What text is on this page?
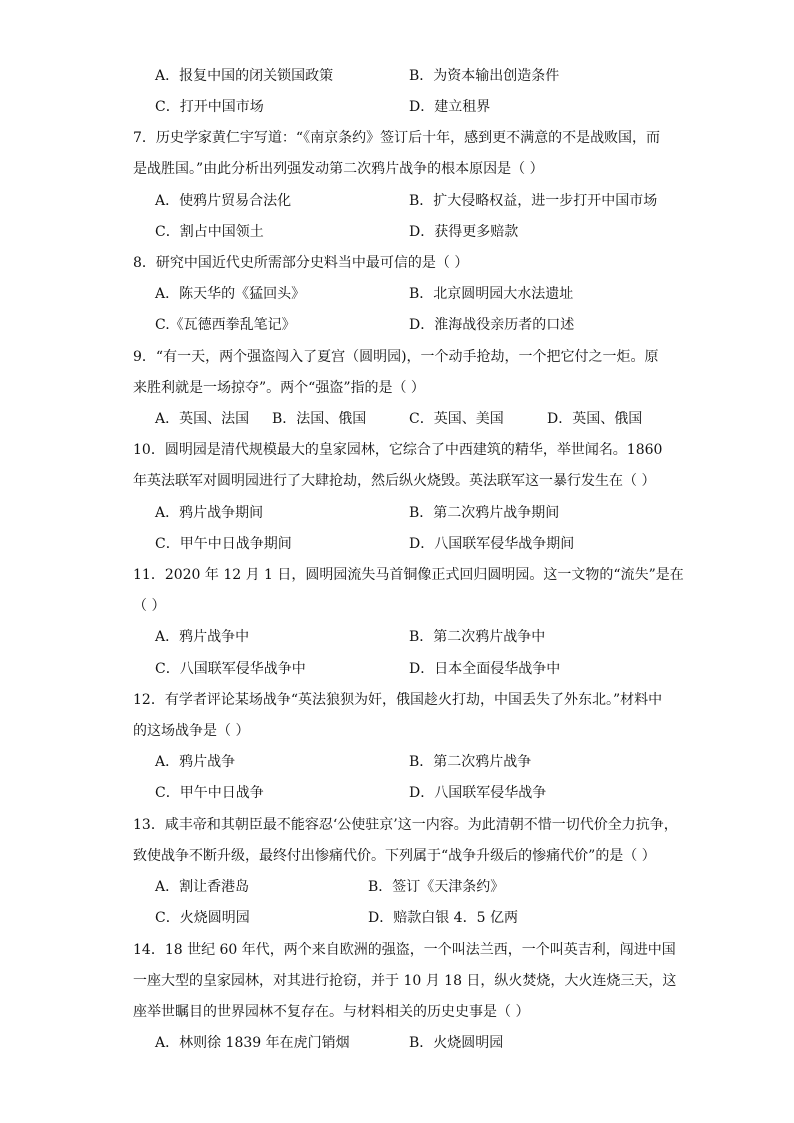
A．报复中国的闭关锁国政策	B．为资本输出创造条件
C．打开中国市场	D．建立租界
7．历史学家黄仁宇写道：“《南京条约》签订后十年，感到更不满意的不是战败国，而
是战胜国。”由此分析出列强发动第二次鸦片战争的根本原因是（ ）
A．使鸦片贸易合法化	B．扩大侵略权益，进一步打开中国市场
C．割占中国领土	D．获得更多赔款
8．研究中国近代史所需部分史料当中最可信的是（ ）
A．陈天华的《猛回头》	B．北京圆明园大水法遗址
C.《瓦德西拳乱笔记》	D．淮海战役亲历者的口述
9．“有一天，两个强盗闯入了夏宫（圆明园)，一个动手抢劫，一个把它付之一炬。原
来胜利就是一场掠夺”。两个“强盗”指的是（ ）
A．英国、法国 B．法国、俄国	C．英国、美国	D．英国、俄国
10．圆明园是清代规模最大的皇家园林，它综合了中西建筑的精华，举世闻名。1860
年英法联军对圆明园进行了大肆抢劫，然后纵火烧毁。英法联军这一暴行发生在（ ）
A．鸦片战争期间	B．第二次鸦片战争期间
C．甲午中日战争期间	D．八国联军侵华战争期间
11．2020 年 12 月 1 日，圆明园流失马首铜像正式回归圆明园。这一文物的“流失”是在
（ ）
A．鸦片战争中	B．第二次鸦片战争中
C．八国联军侵华战争中	D．日本全面侵华战争中
12．有学者评论某场战争“英法狼狈为奸，俄国趁火打劫，中国丢失了外东北。”材料中
的这场战争是（ ）
A．鸦片战争	B．第二次鸦片战争
C．甲午中日战争	D．八国联军侵华战争
13．咸丰帝和其朝臣最不能容忍‘公使驻京’这一内容。为此清朝不惜一切代价全力抗争，
致使战争不断升级，最终付出惨痛代价。下列属于“战争升级后的惨痛代价”的是（ ）
A．割让香港岛	B．签订《天津条约》
C．火烧圆明园	D．赔款白银 4．5 亿两
14．18 世纪 60 年代，两个来自欧洲的强盗，一个叫法兰西，一个叫英吉利，闯进中国
一座大型的皇家园林，对其进行抢窃，并于 10 月 18 日，纵火焚烧，大火连烧三天，这
座举世瞩目的世界园林不复存在。与材料相关的历史史事是（ ）
A．林则徐 1839 年在虎门销烟	B．火烧圆明园
